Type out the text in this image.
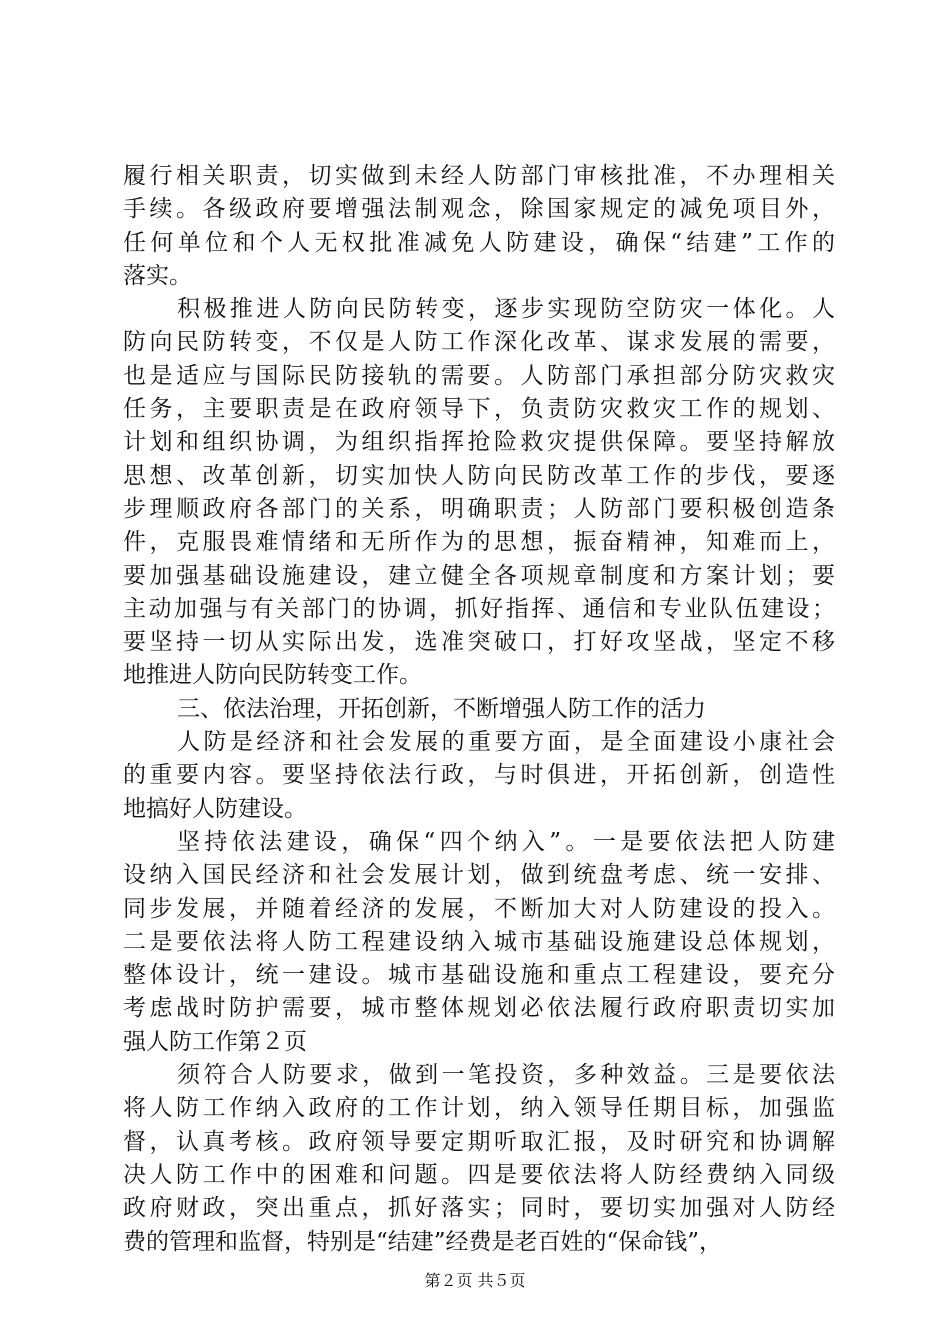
履行相关职责，切实做到未经人防部门审核批准，不办理相关
手续。各级政府要增强法制观念，除国家规定的减免项目外，
任何单位和个人无权批准减免人防建设，确保“结建”工作的
落实。
积极推进人防向民防转变，逐步实现防空防灾一体化。人
防向民防转变，不仅是人防工作深化改革、谋求发展的需要，
也是适应与国际民防接轨的需要。人防部门承担部分防灾救灾
任务，主要职责是在政府领导下，负责防灾救灾工作的规划、
计划和组织协调，为组织指挥抢险救灾提供保障。要坚持解放
思想、改革创新，切实加快人防向民防改革工作的步伐，要逐
步理顺政府各部门的关系，明确职责；人防部门要积极创造条
件，克服畏难情绪和无所作为的思想，振奋精神，知难而上，
要加强基础设施建设，建立健全各项规章制度和方案计划；要
主动加强与有关部门的协调，抓好指挥、通信和专业队伍建设；
要坚持一切从实际出发，选准突破口，打好攻坚战，坚定不移
地推进人防向民防转变工作。
三、依法治理，开拓创新，不断增强人防工作的活力
人防是经济和社会发展的重要方面，是全面建设小康社会
的重要内容。要坚持依法行政，与时俱进，开拓创新，创造性
地搞好人防建设。
坚持依法建设，确保“四个纳入”。一是要依法把人防建
设纳入国民经济和社会发展计划，做到统盘考虑、统一安排、
同步发展，并随着经济的发展，不断加大对人防建设的投入。
二是要依法将人防工程建设纳入城市基础设施建设总体规划，
整体设计，统一建设。城市基础设施和重点工程建设，要充分
考虑战时防护需要，城市整体规划必依法履行政府职责切实加
强人防工作第２页
须符合人防要求，做到一笔投资，多种效益。三是要依法
将人防工作纳入政府的工作计划，纳入领导任期目标，加强监
督，认真考核。政府领导要定期听取汇报，及时研究和协调解
决人防工作中的困难和问题。四是要依法将人防经费纳入同级
政府财政，突出重点，抓好落实；同时，要切实加强对人防经
费的管理和监督，特别是“结建”经费是老百姓的“保命钱”，
第２页 共５页
